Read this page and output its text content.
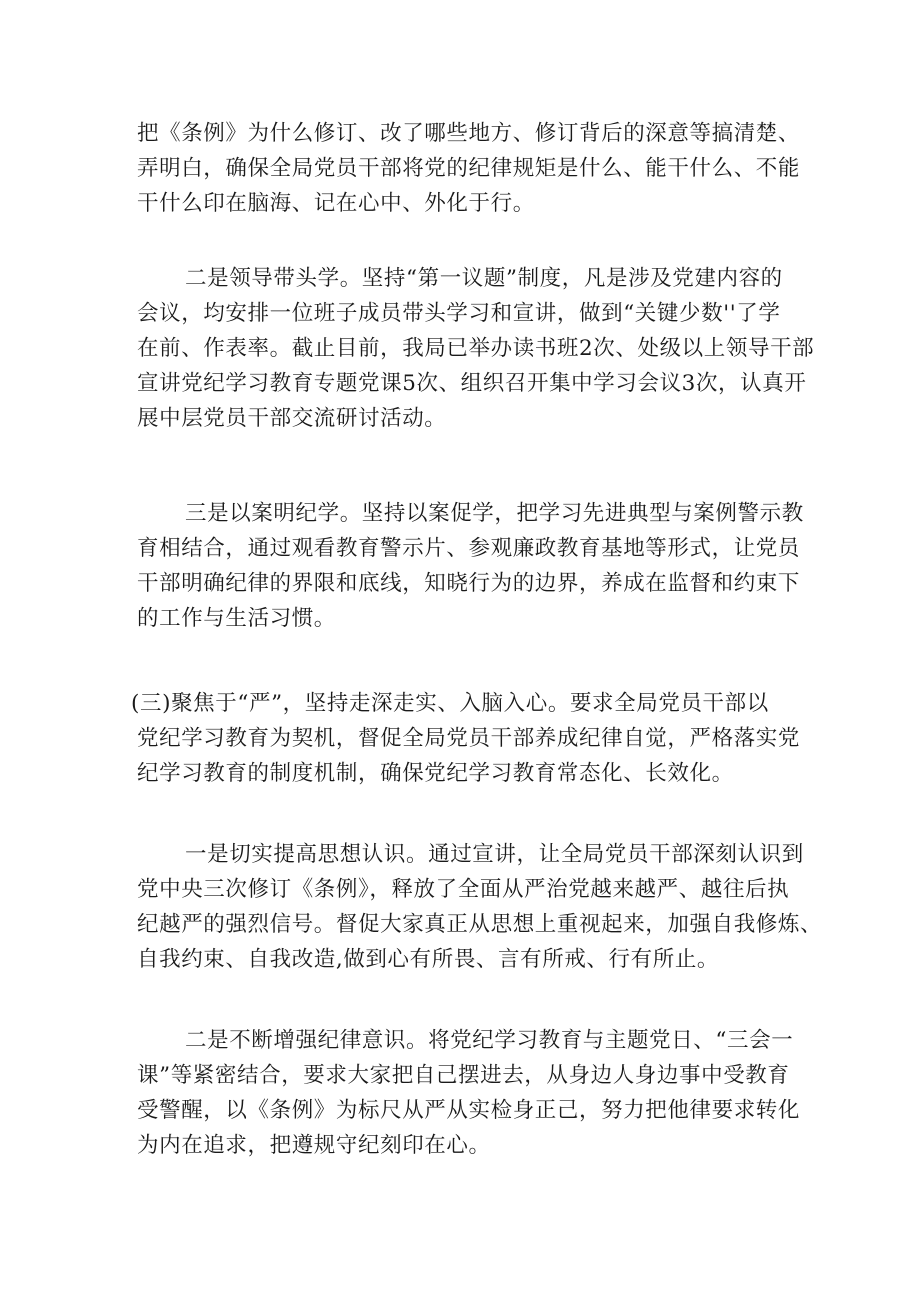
把《条例》为什么修订、改了哪些地方、修订背后的深意等搞清楚、
弄明白，确保全局党员干部将党的纪律规矩是什么、能干什么、不能
干什么印在脑海、记在心中、外化于行。
二是领导带头学。坚持“第一议题”制度，凡是涉及党建内容的
会议，均安排一位班子成员带头学习和宣讲，做到“关键少数''了学
在前、作表率。截止目前，我局已举办读书班2次、处级以上领导干部
宣讲党纪学习教育专题党课5次、组织召开集中学习会议3次，认真开
展中层党员干部交流研讨活动。
三是以案明纪学。坚持以案促学，把学习先进典型与案例警示教
育相结合，通过观看教育警示片、参观廉政教育基地等形式，让党员
干部明确纪律的界限和底线，知晓行为的边界，养成在监督和约束下
的工作与生活习惯。
(三)聚焦于“严”，坚持走深走实、入脑入心。要求全局党员干部以
党纪学习教育为契机，督促全局党员干部养成纪律自觉，严格落实党
纪学习教育的制度机制，确保党纪学习教育常态化、长效化。
一是切实提高思想认识。通过宣讲，让全局党员干部深刻认识到
党中央三次修订《条例》，释放了全面从严治党越来越严、越往后执
纪越严的强烈信号。督促大家真正从思想上重视起来，加强自我修炼、
自我约束、自我改造,做到心有所畏、言有所戒、行有所止。
二是不断增强纪律意识。将党纪学习教育与主题党日、“三会一
课”等紧密结合，要求大家把自己摆进去，从身边人身边事中受教育
受警醒，以《条例》为标尺从严从实检身正己，努力把他律要求转化
为内在追求，把遵规守纪刻印在心。
